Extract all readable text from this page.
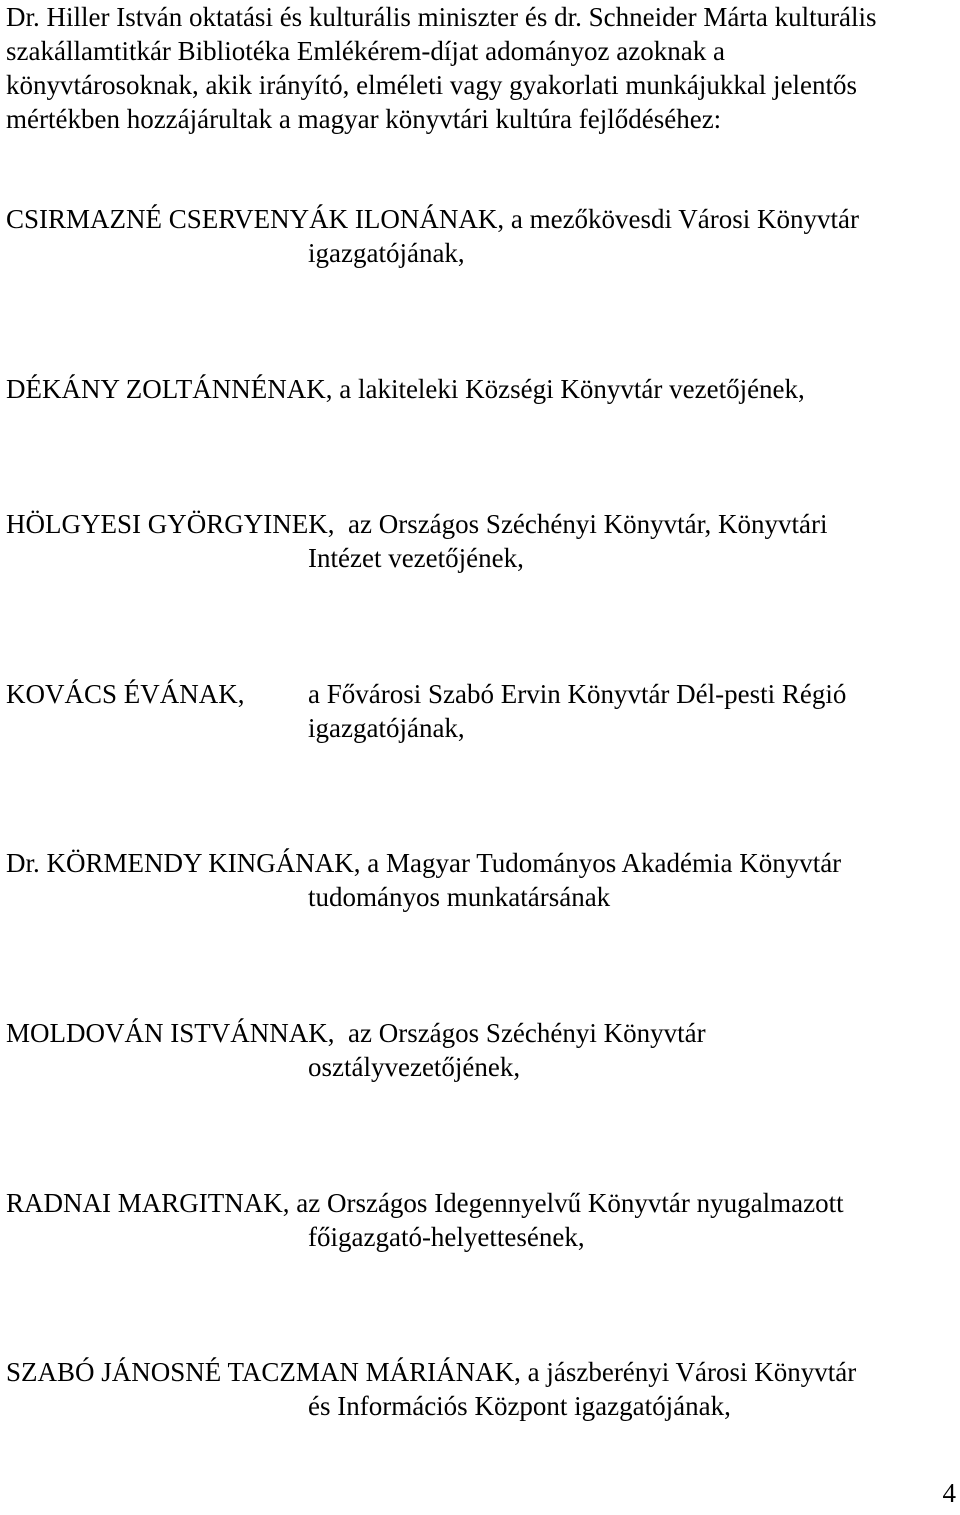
Dr. Hiller István oktatási és kulturális miniszter és dr. Schneider Márta kulturális
szakállamtitkár Bibliotéka Emlékérem-díjat adományoz azoknak a
könyvtárosoknak, akik irányító, elméleti vagy gyakorlati munkájukkal jelentős
mértékben hozzájárultak a magyar könyvtári kultúra fejlődéséhez:
CSIRMAZNÉ CSERVENYÁK ILONÁNAK, a mezőkövesdi Városi Könyvtár
igazgatójának,
DÉKÁNY ZOLTÁNNÉNAK, a lakiteleki Községi Könyvtár vezetőjének,
HÖLGYESI GYÖRGYINEK, az Országos Széchényi Könyvtár, Könyvtári
Intézet vezetőjének,
KOVÁCS ÉVÁNAK, a Fővárosi Szabó Ervin Könyvtár Dél-pesti Régió
igazgatójának,
Dr. KÖRMENDY KINGÁNAK, a Magyar Tudományos Akadémia Könyvtár
tudományos munkatársának
MOLDOVÁN ISTVÁNNAK, az Országos Széchényi Könyvtár
osztályvezetőjének,
RADNAI MARGITNAK, az Országos Idegennyelvű Könyvtár nyugalmazott
főigazgató-helyettesének,
SZABÓ JÁNOSNÉ TACZMAN MÁRIÁNAK, a jászberényi Városi Könyvtár
és Információs Központ igazgatójának,
4
